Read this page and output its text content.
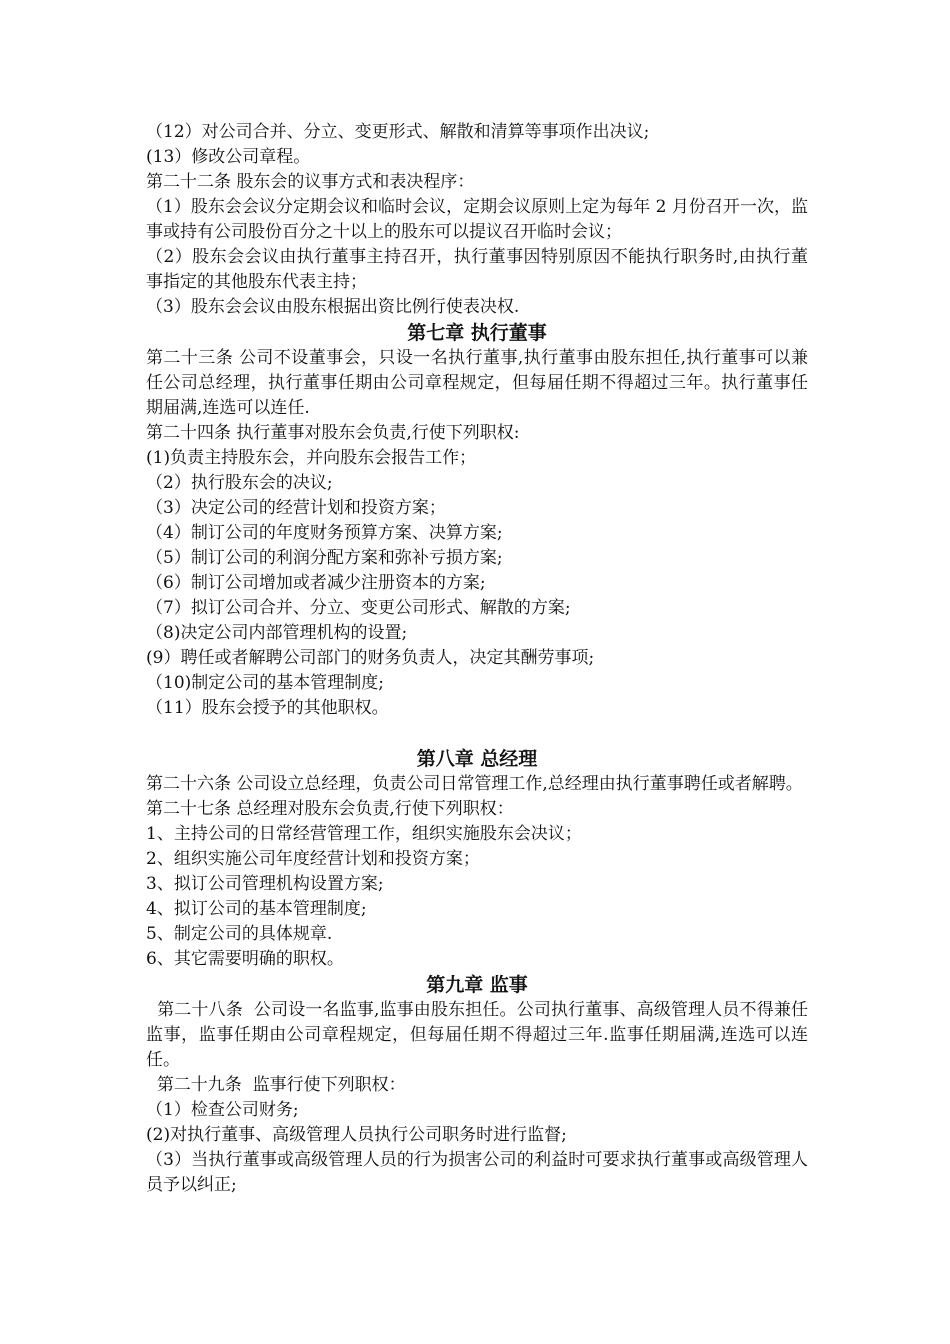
（12）对公司合并、分立、变更形式、解散和清算等事项作出决议;

(13）修改公司章程。

第二十二条 股东会的议事方式和表决程序：

（1）股东会会议分定期会议和临时会议，定期会议原则上定为每年 2 月份召开一次，监事或持有公司股份百分之十以上的股东可以提议召开临时会议；

（2）股东会会议由执行董事主持召开，执行董事因特别原因不能执行职务时,由执行董事指定的其他股东代表主持；

（3）股东会会议由股东根据出资比例行使表决权.

第七章 执行董事

第二十三条 公司不设董事会，只设一名执行董事,执行董事由股东担任,执行董事可以兼任公司总经理，执行董事任期由公司章程规定，但每届任期不得超过三年。执行董事任期届满,连选可以连任.

第二十四条 执行董事对股东会负责,行使下列职权:

(1)负责主持股东会，并向股东会报告工作；

（2）执行股东会的决议;

（3）决定公司的经营计划和投资方案；

（4）制订公司的年度财务预算方案、决算方案;

（5）制订公司的利润分配方案和弥补亏损方案;

（6）制订公司增加或者减少注册资本的方案;

（7）拟订公司合并、分立、变更公司形式、解散的方案;

（8)决定公司内部管理机构的设置;

(9）聘任或者解聘公司部门的财务负责人，决定其酬劳事项;

（10)制定公司的基本管理制度;

（11）股东会授予的其他职权。

第八章 总经理

第二十六条 公司设立总经理，负责公司日常管理工作,总经理由执行董事聘任或者解聘。

第二十七条 总经理对股东会负责,行使下列职权：

1、主持公司的日常经营管理工作，组织实施股东会决议；

2、组织实施公司年度经营计划和投资方案；

3、拟订公司管理机构设置方案;

4、拟订公司的基本管理制度;

5、制定公司的具体规章.

6、其它需要明确的职权。

第九章 监事

第二十八条  公司设一名监事,监事由股东担任。公司执行董事、高级管理人员不得兼任监事，监事任期由公司章程规定，但每届任期不得超过三年.监事任期届满,连选可以连任。

第二十九条  监事行使下列职权：

（1）检查公司财务;

(2)对执行董事、高级管理人员执行公司职务时进行监督;

（3）当执行董事或高级管理人员的行为损害公司的利益时可要求执行董事或高级管理人员予以纠正;
